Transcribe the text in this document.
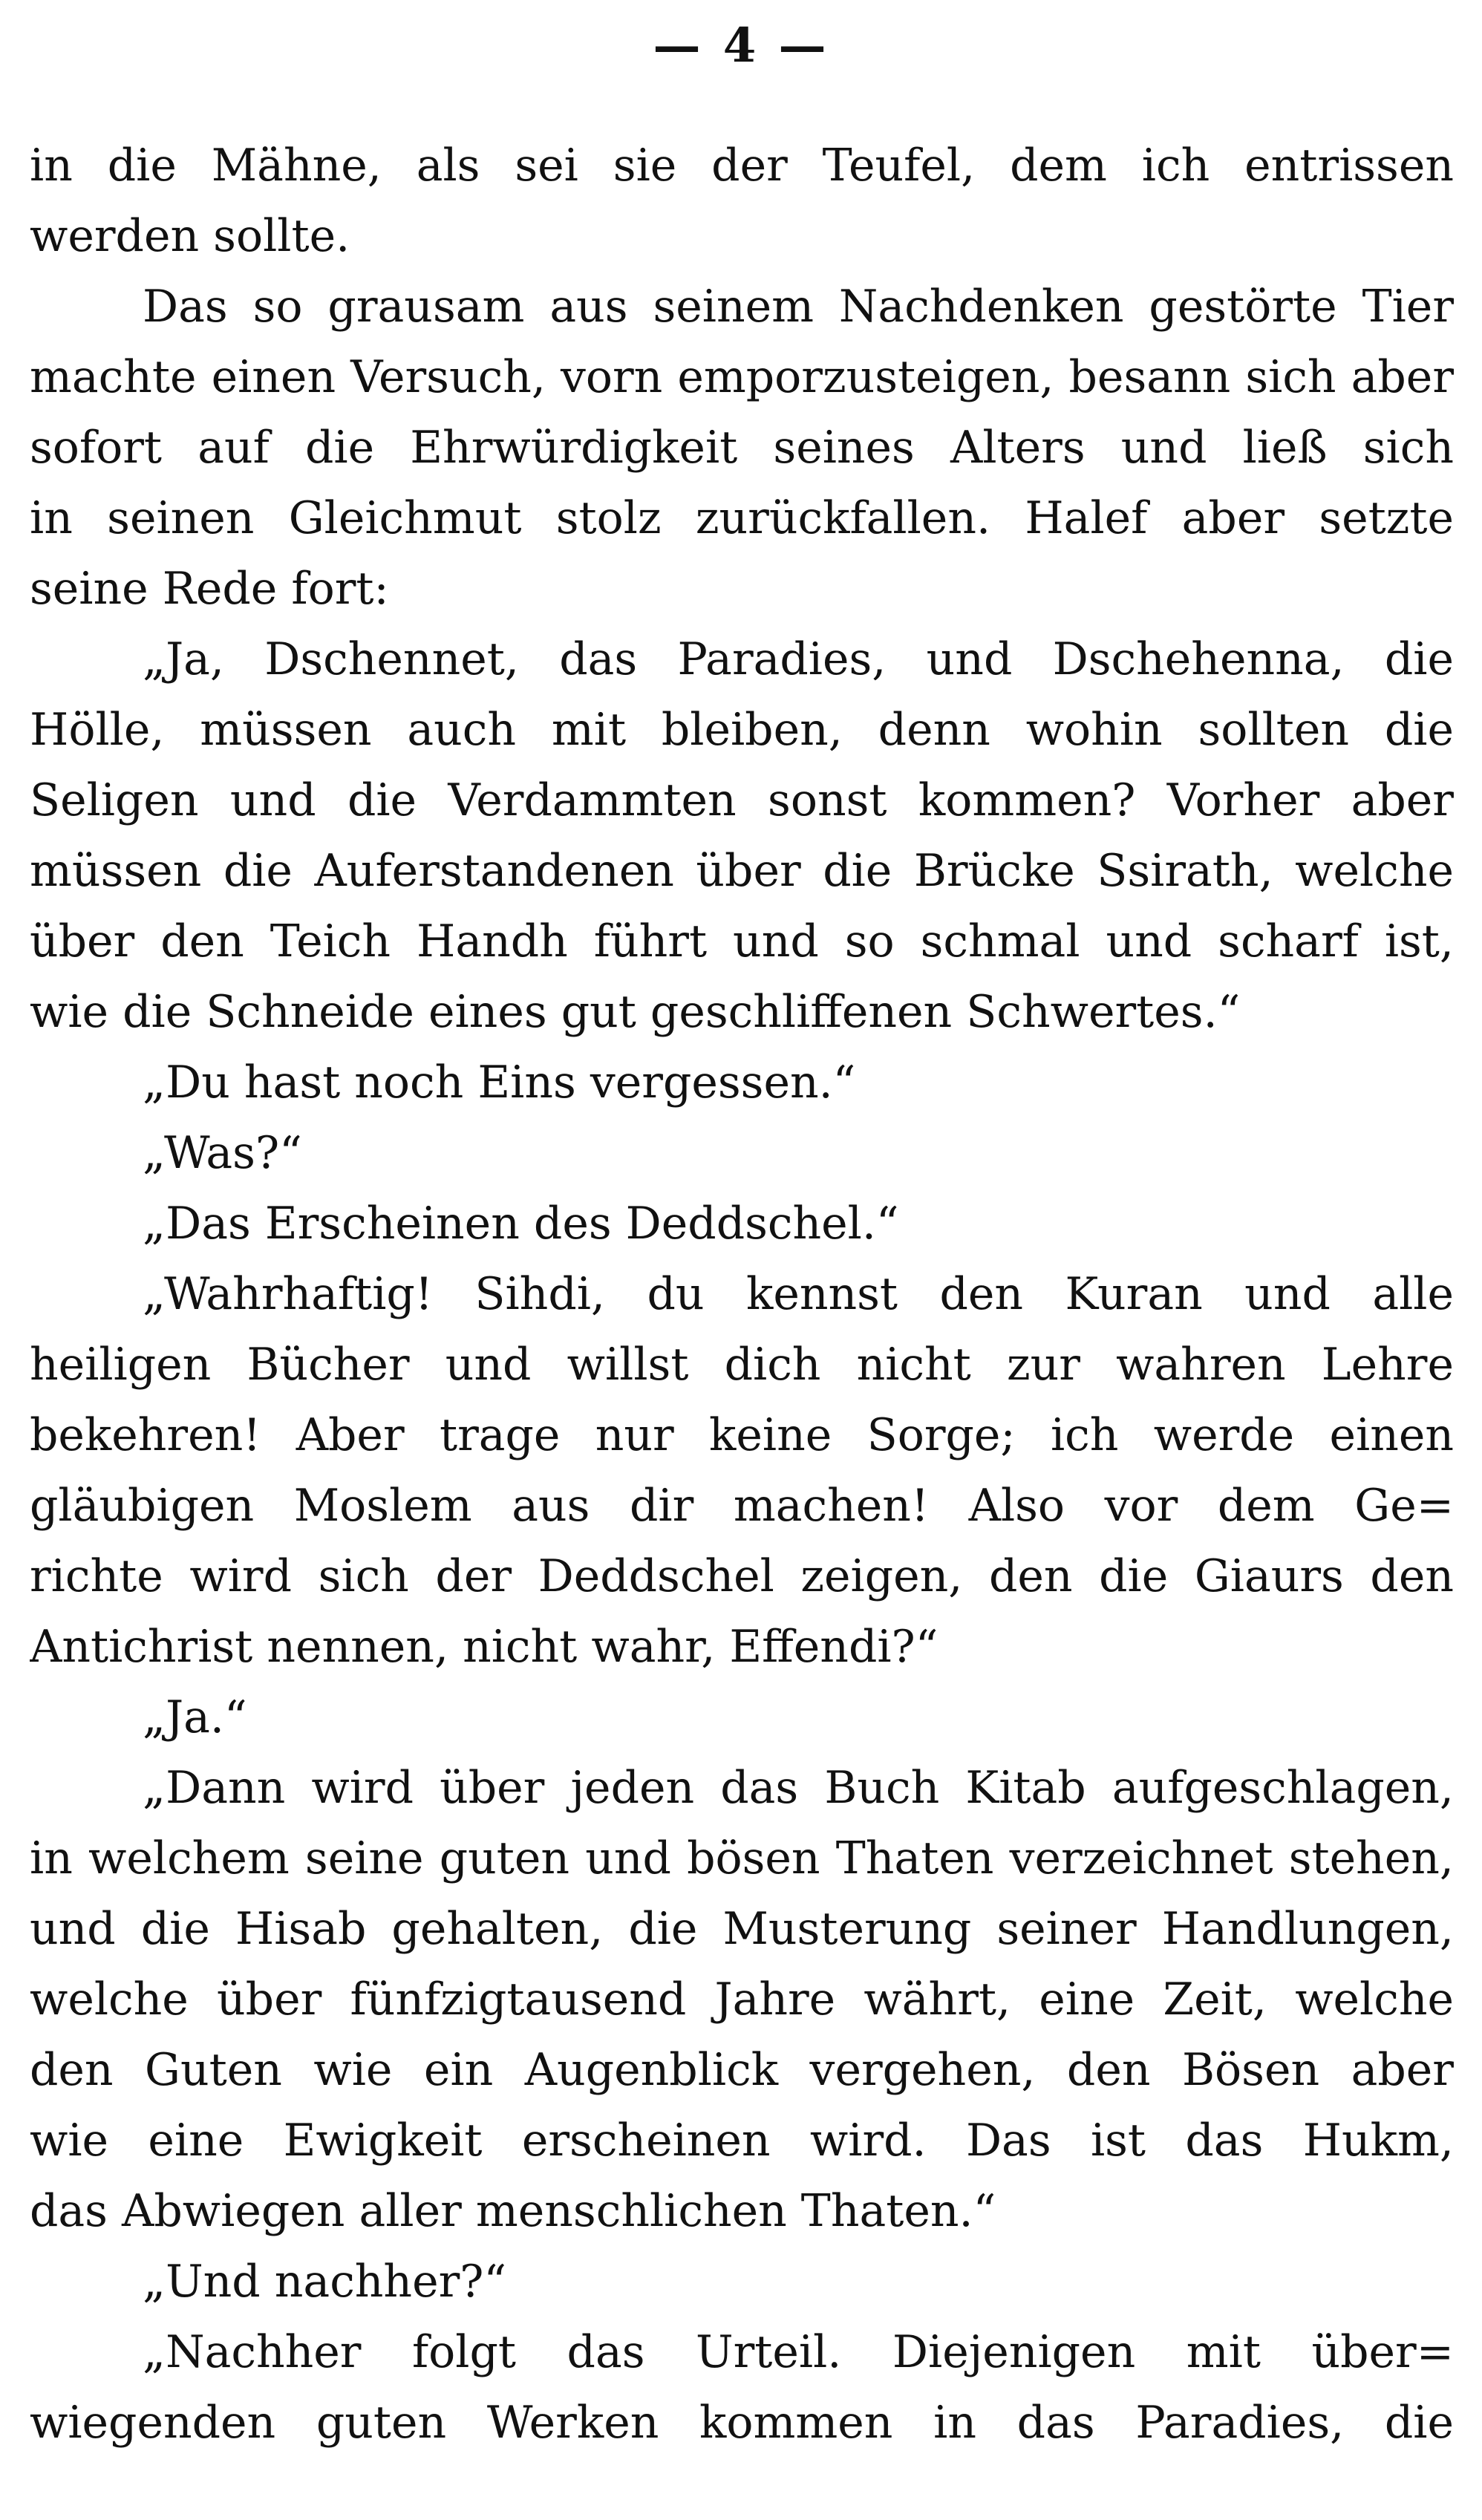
— 4 —
in die Mähne, als sei sie der Teufel, dem ich entrissen
werden sollte.
Das so grausam aus seinem Nachdenken gestörte Tier
machte einen Versuch, vorn emporzusteigen, besann sich aber
sofort auf die Ehrwürdigkeit seines Alters und ließ sich
in seinen Gleichmut stolz zurückfallen. Halef aber setzte
seine Rede fort:
„Ja, Dschennet, das Paradies, und Dschehenna, die
Hölle, müssen auch mit bleiben, denn wohin sollten die
Seligen und die Verdammten sonst kommen? Vorher aber
müssen die Auferstandenen über die Brücke Ssirath, welche
über den Teich Handh führt und so schmal und scharf ist,
wie die Schneide eines gut geschliffenen Schwertes.“
„Du hast noch Eins vergessen.“
„Was?“
„Das Erscheinen des Deddschel.“
„Wahrhaftig! Sihdi, du kennst den Kuran und alle
heiligen Bücher und willst dich nicht zur wahren Lehre
bekehren! Aber trage nur keine Sorge; ich werde einen
gläubigen Moslem aus dir machen! Also vor dem Ge=
richte wird sich der Deddschel zeigen, den die Giaurs den
Antichrist nennen, nicht wahr, Effendi?“
„Ja.“
„Dann wird über jeden das Buch Kitab aufgeschlagen,
in welchem seine guten und bösen Thaten verzeichnet stehen,
und die Hisab gehalten, die Musterung seiner Handlungen,
welche über fünfzigtausend Jahre währt, eine Zeit, welche
den Guten wie ein Augenblick vergehen, den Bösen aber
wie eine Ewigkeit erscheinen wird. Das ist das Hukm,
das Abwiegen aller menschlichen Thaten.“
„Und nachher?“
„Nachher folgt das Urteil. Diejenigen mit über=
wiegenden guten Werken kommen in das Paradies, die
